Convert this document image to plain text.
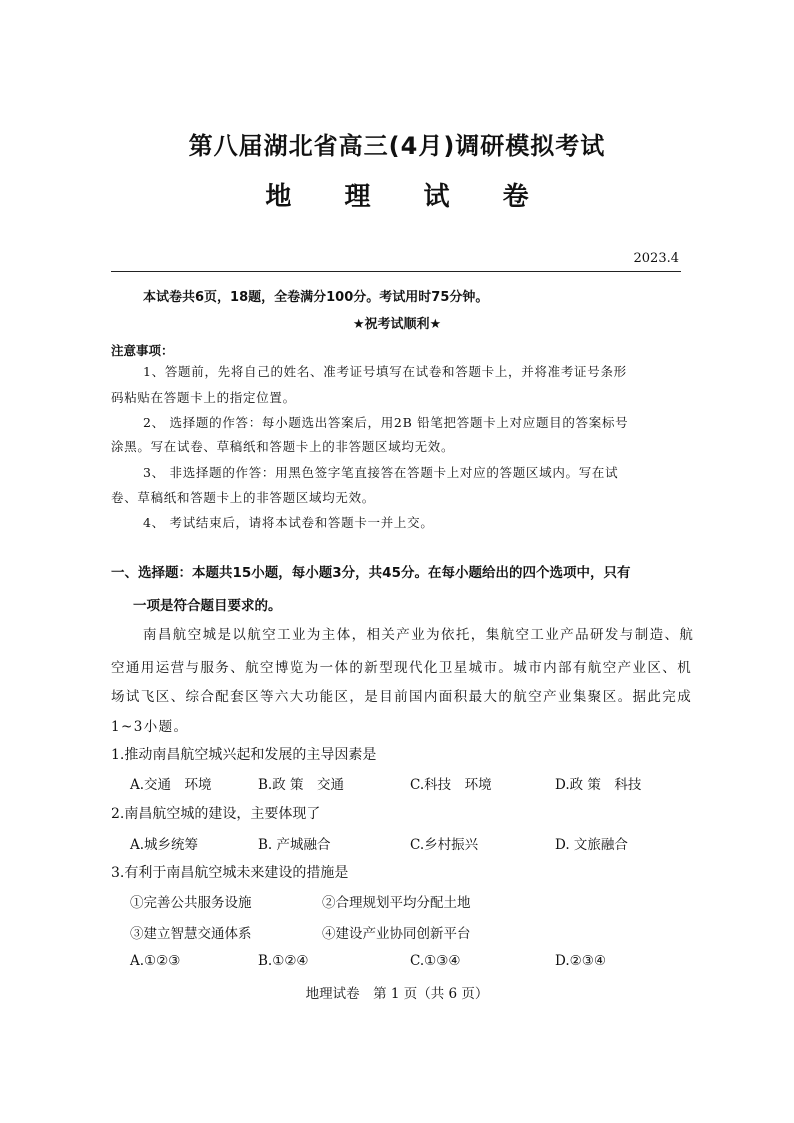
第八届湖北省高三(4月)调研模拟考试
地 理 试 卷
2023.4
本试卷共6页，18题，全卷满分100分。考试用时75分钟。
★祝考试顺利★
注意事项：
1、答题前，先将自己的姓名、准考证号填写在试卷和答题卡上，并将准考证号条形
码粘贴在答题卡上的指定位置。
2、 选择题的作答：每小题选出答案后，用2B 铅笔把答题卡上对应题目的答案标号
涂黑。写在试卷、草稿纸和答题卡上的非答题区域均无效。
3、 非选择题的作答：用黑色签字笔直接答在答题卡上对应的答题区域内。写在试
卷、草稿纸和答题卡上的非答题区域均无效。
4、 考试结束后，请将本试卷和答题卡一并上交。
一、选择题：本题共15小题，每小题3分，共45分。在每小题给出的四个选项中，只有
一项是符合题目要求的。
南昌航空城是以航空工业为主体，相关产业为依托，集航空工业产品研发与制造、航
空通用运营与服务、航空博览为一体的新型现代化卫星城市。城市内部有航空产业区、机
场试飞区、综合配套区等六大功能区，是目前国内面积最大的航空产业集聚区。据此完成
1~3小题。
1.推动南昌航空城兴起和发展的主导因素是
A.交通　环境	B.政 策　交通	C.科技　环境	D.政 策　科技
2.南昌航空城的建设，主要体现了
A.城乡统筹	B. 产城融合	C.乡村振兴	D. 文旅融合
3.有利于南昌航空城未来建设的措施是
①完善公共服务设施	②合理规划平均分配土地
③建立智慧交通体系	④建设产业协同创新平台
A.①②③	B.①②④	C.①③④	D.②③④
地理试卷　第 1 页（共 6 页）
